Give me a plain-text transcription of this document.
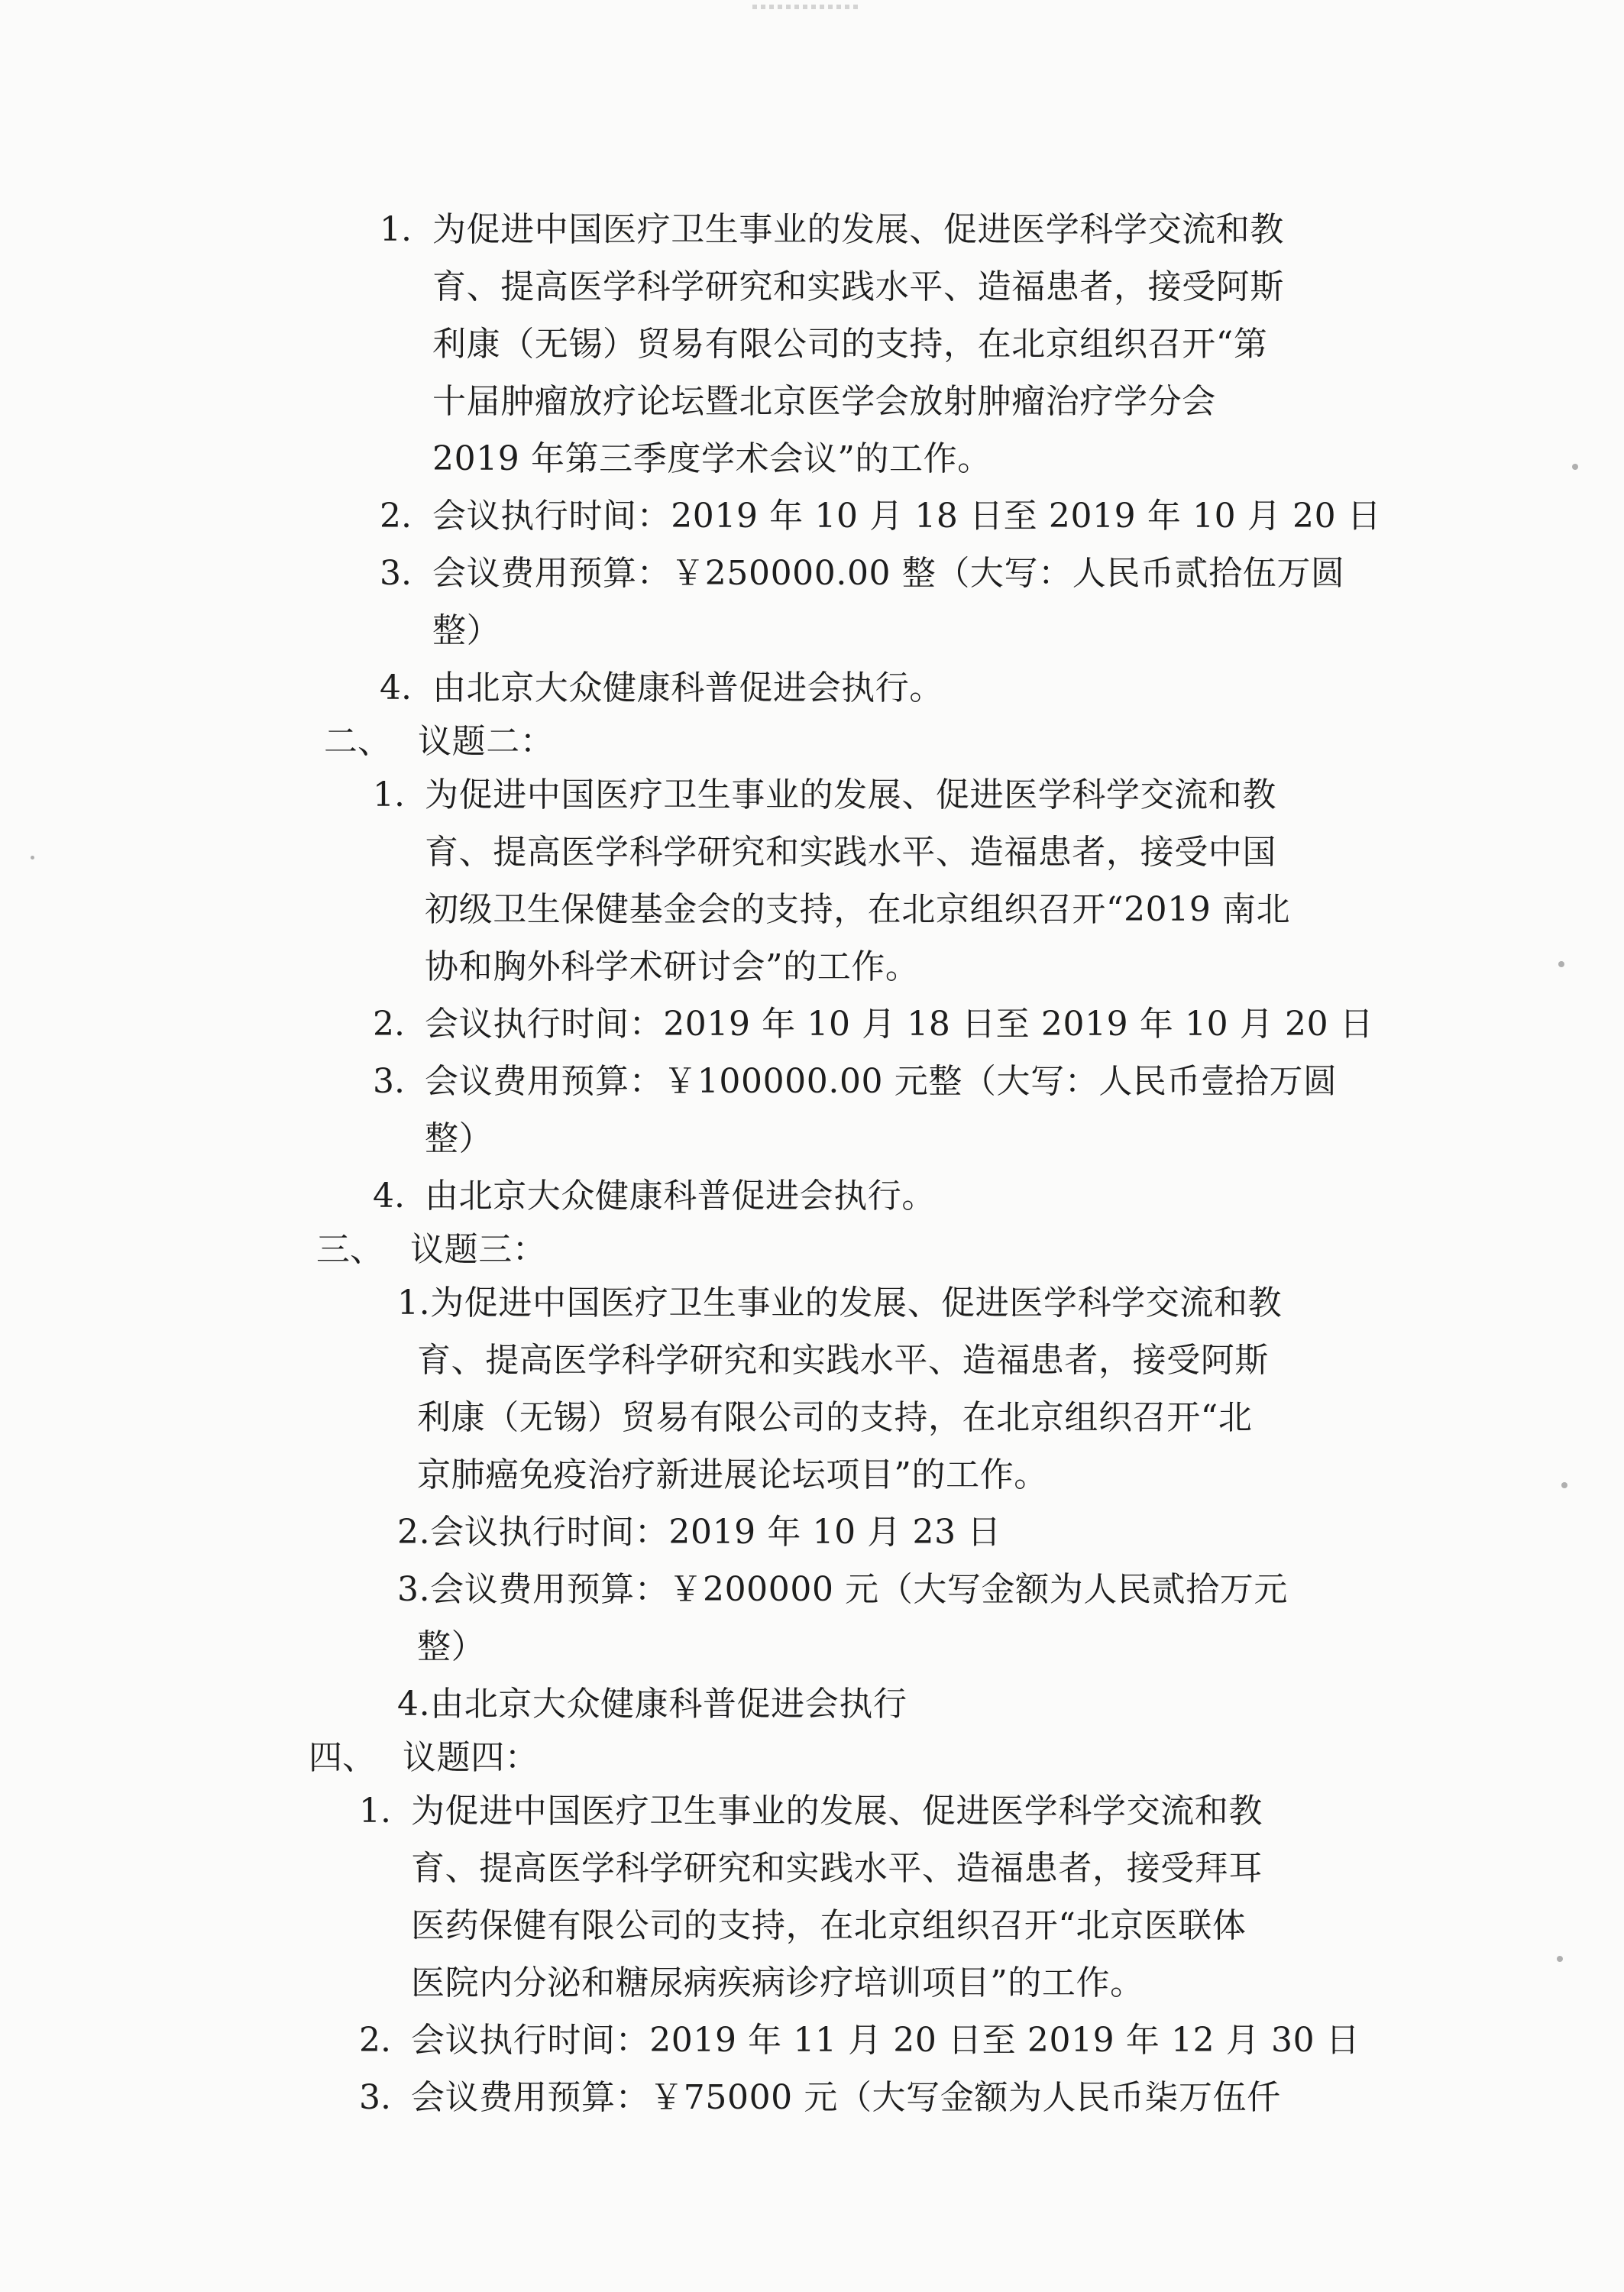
1. 为促进中国医疗卫生事业的发展、促进医学科学交流和教
育、提高医学科学研究和实践水平、造福患者，接受阿斯
利康（无锡）贸易有限公司的支持，在北京组织召开“第
十届肿瘤放疗论坛暨北京医学会放射肿瘤治疗学分会
2019 年第三季度学术会议”的工作。
2. 会议执行时间：2019 年 10 月 18 日至 2019 年 10 月 20 日
3. 会议费用预算：￥250000.00 整（大写：人民币贰拾伍万圆
整）
4. 由北京大众健康科普促进会执行。
二、 议题二：
1. 为促进中国医疗卫生事业的发展、促进医学科学交流和教
育、提高医学科学研究和实践水平、造福患者，接受中国
初级卫生保健基金会的支持，在北京组织召开“2019 南北
协和胸外科学术研讨会”的工作。
2. 会议执行时间：2019 年 10 月 18 日至 2019 年 10 月 20 日
3. 会议费用预算：￥100000.00 元整（大写：人民币壹拾万圆
整）
4. 由北京大众健康科普促进会执行。
三、 议题三：
1.为促进中国医疗卫生事业的发展、促进医学科学交流和教
育、提高医学科学研究和实践水平、造福患者，接受阿斯
利康（无锡）贸易有限公司的支持，在北京组织召开“北
京肺癌免疫治疗新进展论坛项目”的工作。
2.会议执行时间：2019 年 10 月 23 日
3.会议费用预算：￥200000 元（大写金额为人民贰拾万元
整）
4.由北京大众健康科普促进会执行
四、 议题四：
1. 为促进中国医疗卫生事业的发展、促进医学科学交流和教
育、提高医学科学研究和实践水平、造福患者，接受拜耳
医药保健有限公司的支持，在北京组织召开“北京医联体
医院内分泌和糖尿病疾病诊疗培训项目”的工作。
2. 会议执行时间：2019 年 11 月 20 日至 2019 年 12 月 30 日
3. 会议费用预算：￥75000 元（大写金额为人民币柒万伍仟
